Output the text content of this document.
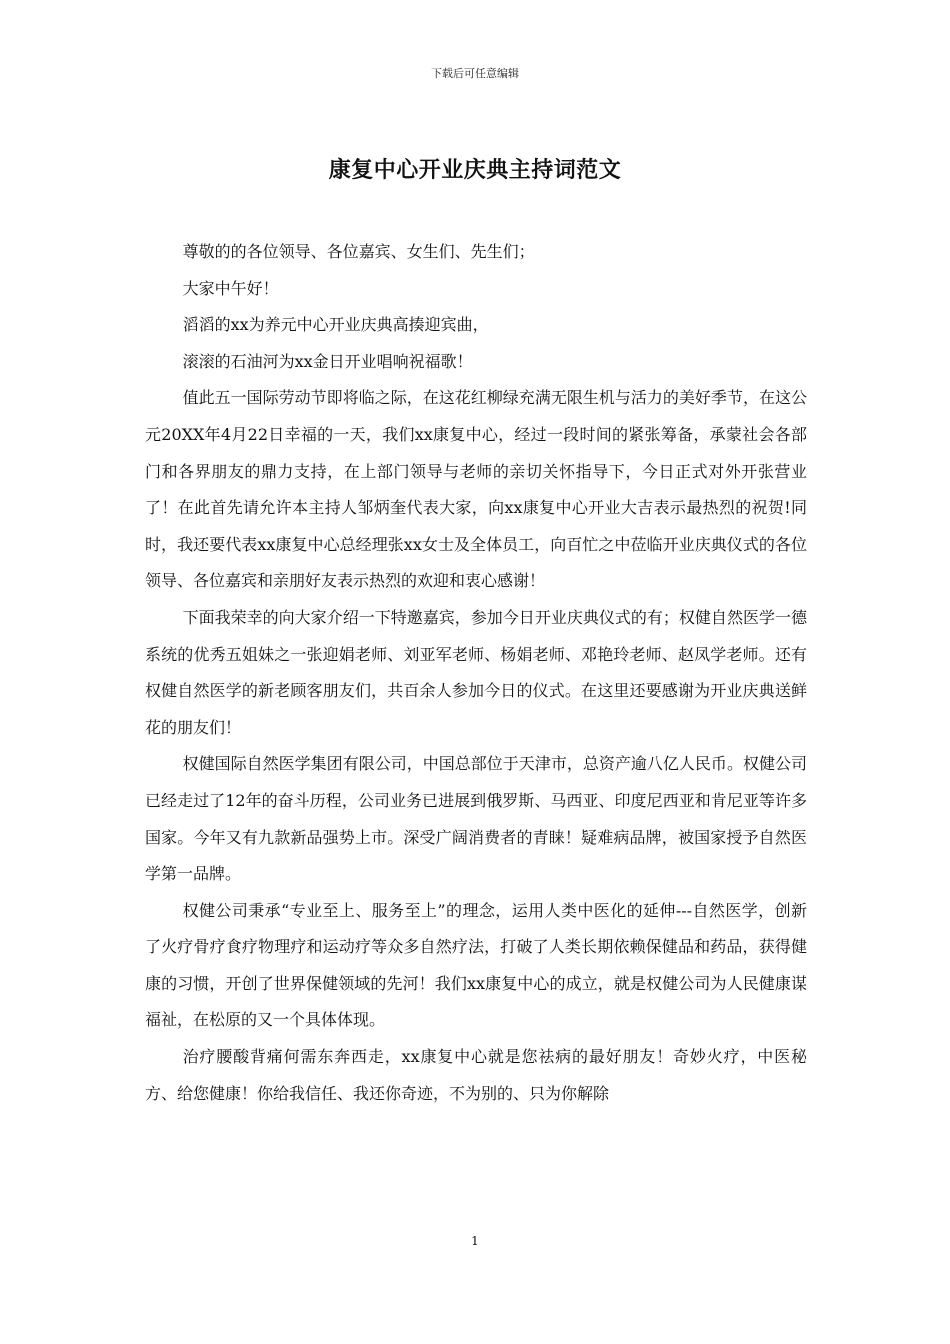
下载后可任意编辑
康复中心开业庆典主持词范文

尊敬的的各位领导、各位嘉宾、女生们、先生们；

大家中午好！

滔滔的xx为养元中心开业庆典高揍迎宾曲，

滚滚的石油河为xx金日开业唱响祝福歌！

值此五一国际劳动节即将临之际，在这花红柳绿充满无限生机与活力的美好季节，在这公元20XX年4月22日幸福的一天，我们xx康复中心，经过一段时间的紧张筹备，承蒙社会各部门和各界朋友的鼎力支持，在上部门领导与老师的亲切关怀指导下，今日正式对外开张营业了！在此首先请允许本主持人邹炳奎代表大家，向xx康复中心开业大吉表示最热烈的祝贺!同时，我还要代表xx康复中心总经理张xx女士及全体员工，向百忙之中莅临开业庆典仪式的各位领导、各位嘉宾和亲朋好友表示热烈的欢迎和衷心感谢！

下面我荣幸的向大家介绍一下特邀嘉宾，参加今日开业庆典仪式的有；权健自然医学一德系统的优秀五姐妹之一张迎娟老师、刘亚军老师、杨娟老师、邓艳玲老师、赵凤学老师。还有权健自然医学的新老顾客朋友们，共百余人参加今日的仪式。在这里还要感谢为开业庆典送鲜花的朋友们！

权健国际自然医学集团有限公司，中国总部位于天津市，总资产逾八亿人民币。权健公司已经走过了12年的奋斗历程，公司业务已进展到俄罗斯、马西亚、印度尼西亚和肯尼亚等许多国家。今年又有九款新品强势上市。深受广阔消费者的青睐！疑难病品牌，被国家授予自然医学第一品牌。

权健公司秉承“专业至上、服务至上”的理念，运用人类中医化的延伸---自然医学，创新了火疗骨疗食疗物理疗和运动疗等众多自然疗法，打破了人类长期依赖保健品和药品，获得健康的习惯，开创了世界保健领域的先河！我们xx康复中心的成立，就是权健公司为人民健康谋福祉，在松原的又一个具体体现。

治疗腰酸背痛何需东奔西走，xx康复中心就是您祛病的最好朋友！奇妙火疗，中医秘方、给您健康！你给我信任、我还你奇迹，不为别的、只为你解除

1
